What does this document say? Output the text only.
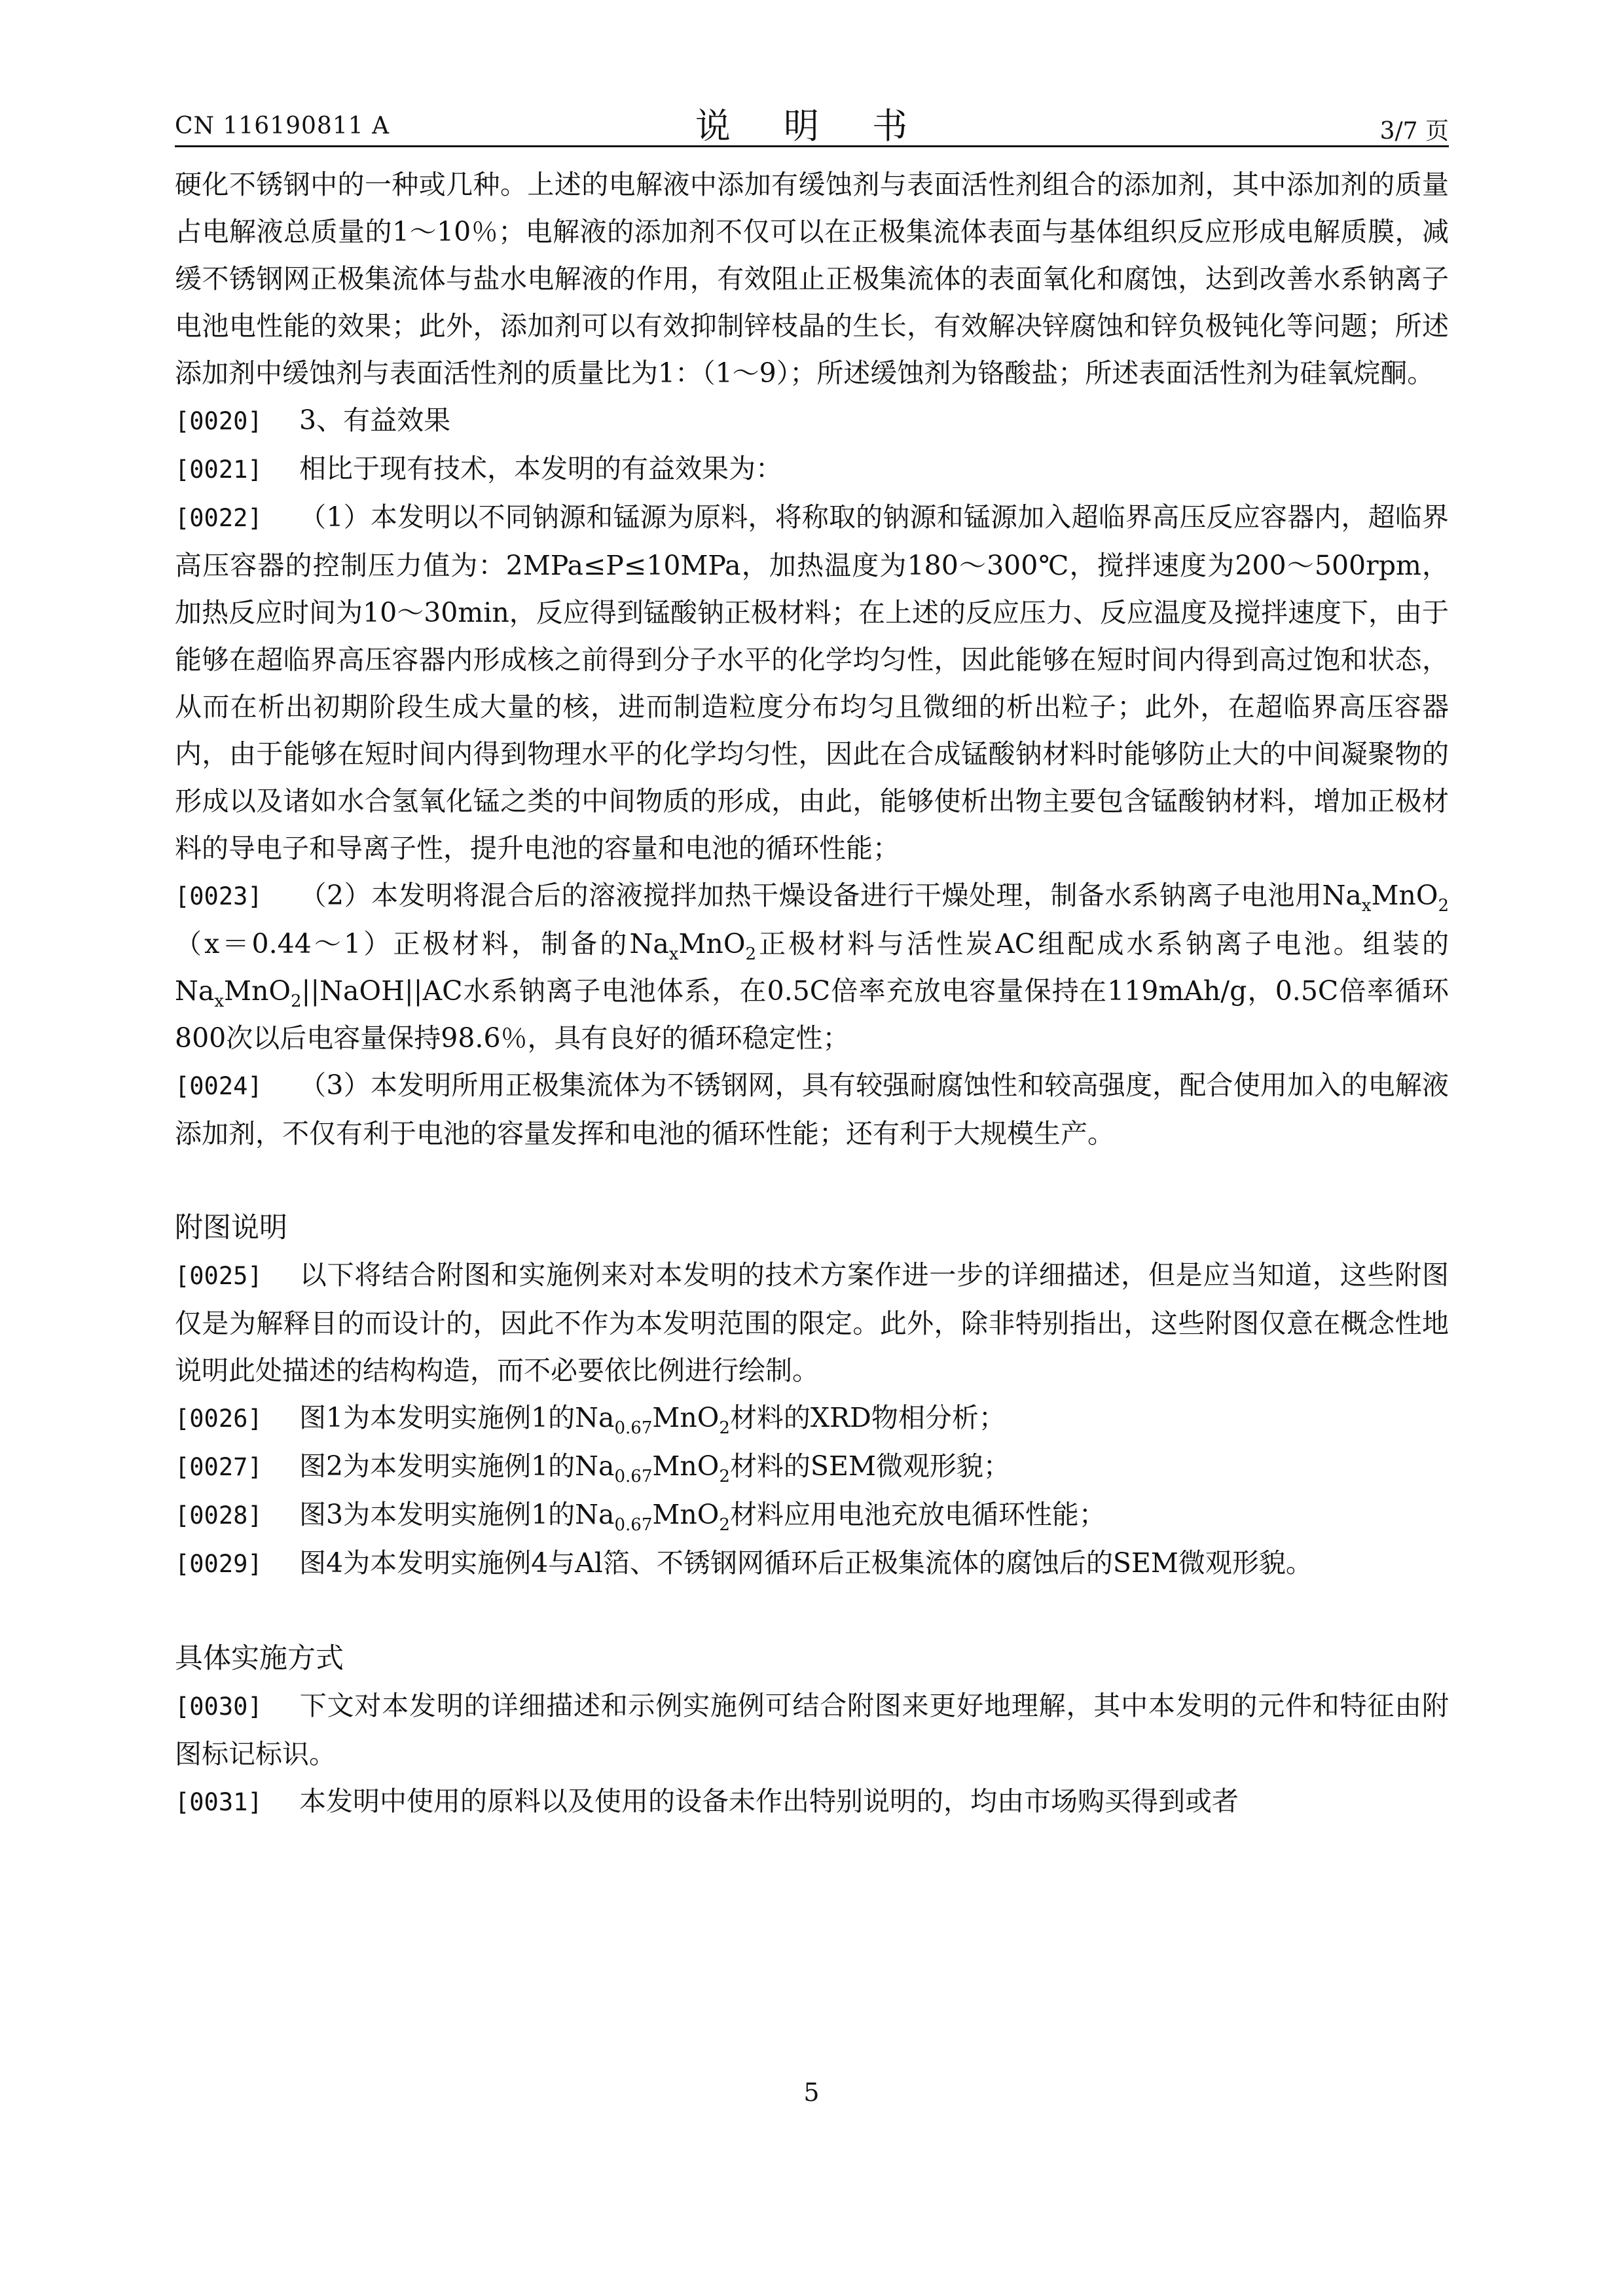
CN 116190811 A	说 明 书	3/7 页

硬化不锈钢中的一种或几种。上述的电解液中添加有缓蚀剂与表面活性剂组合的添加剂，其中添加剂的质量占电解液总质量的1～10％；电解液的添加剂不仅可以在正极集流体表面与基体组织反应形成电解质膜，减缓不锈钢网正极集流体与盐水电解液的作用，有效阻止正极集流体的表面氧化和腐蚀，达到改善水系钠离子电池电性能的效果；此外，添加剂可以有效抑制锌枝晶的生长，有效解决锌腐蚀和锌负极钝化等问题；所述添加剂中缓蚀剂与表面活性剂的质量比为1：（1～9）；所述缓蚀剂为铬酸盐；所述表面活性剂为硅氧烷酮。

[0020] 3、有益效果

[0021] 相比于现有技术，本发明的有益效果为：

[0022] （1）本发明以不同钠源和锰源为原料，将称取的钠源和锰源加入超临界高压反应容器内，超临界高压容器的控制压力值为：2MPa≤P≤10MPa，加热温度为180～300℃，搅拌速度为200～500rpm，加热反应时间为10～30min，反应得到锰酸钠正极材料；在上述的反应压力、反应温度及搅拌速度下，由于能够在超临界高压容器内形成核之前得到分子水平的化学均匀性，因此能够在短时间内得到高过饱和状态，从而在析出初期阶段生成大量的核，进而制造粒度分布均匀且微细的析出粒子；此外，在超临界高压容器内，由于能够在短时间内得到物理水平的化学均匀性，因此在合成锰酸钠材料时能够防止大的中间凝聚物的形成以及诸如水合氢氧化锰之类的中间物质的形成，由此，能够使析出物主要包含锰酸钠材料，增加正极材料的导电子和导离子性，提升电池的容量和电池的循环性能；

[0023] （2）本发明将混合后的溶液搅拌加热干燥设备进行干燥处理，制备水系钠离子电池用$Na_xMnO_2(x=0.44\sim 1)$正极材料，制备的$Na_xMnO_2$正极材料与活性炭AC组配成水系钠离子电池。组装的$Na_xMnO_2||NaOH||AC$水系钠离子电池体系，在0.5C倍率充放电容量保持在119mAh/g，0.5C倍率循环800次以后电容量保持98.6％，具有良好的循环稳定性；

[0024] （3）本发明所用正极集流体为不锈钢网，具有较强耐腐蚀性和较高强度，配合使用加入的电解液添加剂，不仅有利于电池的容量发挥和电池的循环性能；还有利于大规模生产。

附图说明

[0025] 以下将结合附图和实施例来对本发明的技术方案作进一步的详细描述，但是应当知道，这些附图仅是为解释目的而设计的，因此不作为本发明范围的限定。此外，除非特别指出，这些附图仅意在概念性地说明此处描述的结构构造，而不必要依比例进行绘制。

[0026] 图1为本发明实施例1的$Na_{0.67}MnO_2$材料的XRD物相分析；

[0027] 图2为本发明实施例1的$Na_{0.67}MnO_2$材料的SEM微观形貌；

[0028] 图3为本发明实施例1的$Na_{0.67}MnO_2$材料应用电池充放电循环性能；

[0029] 图4为本发明实施例4与Al箔、不锈钢网循环后正极集流体的腐蚀后的SEM微观形貌。

具体实施方式

[0030] 下文对本发明的详细描述和示例实施例可结合附图来更好地理解，其中本发明的元件和特征由附图标记标识。

[0031] 本发明中使用的原料以及使用的设备未作出特别说明的，均由市场购买得到或者

5
